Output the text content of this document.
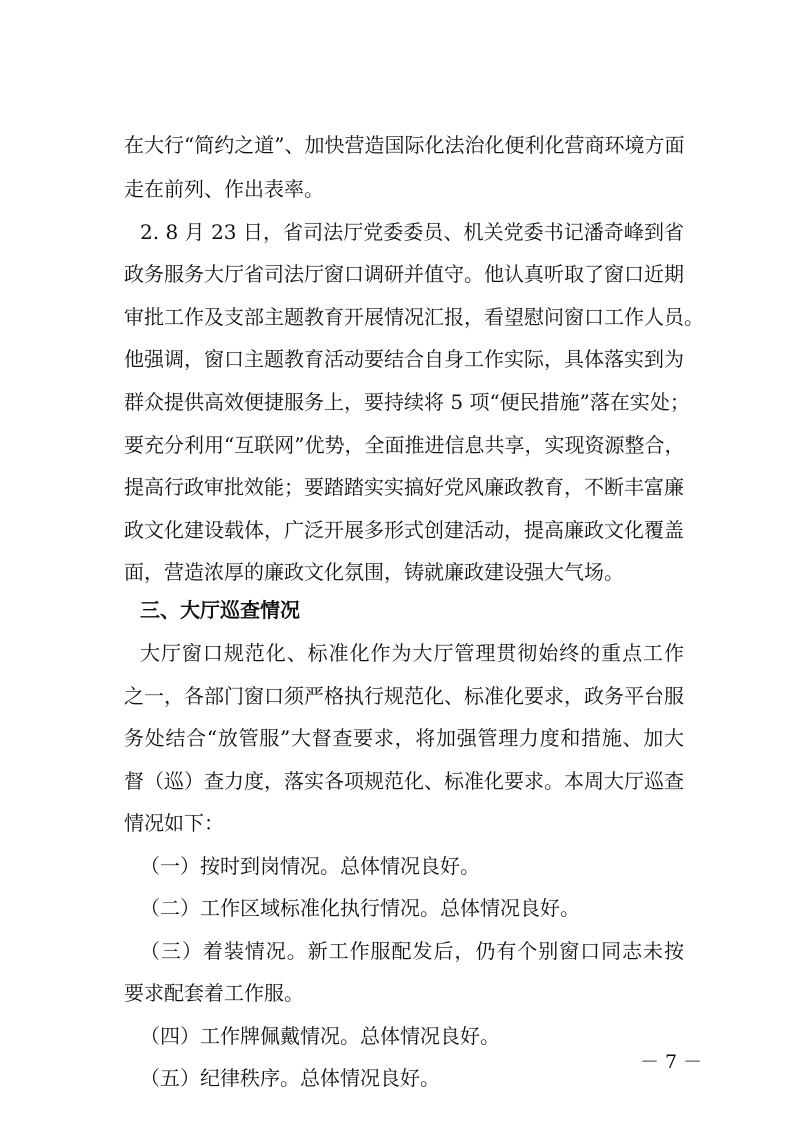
在大行“简约之道”、加快营造国际化法治化便利化营商环境方面
走在前列、作出表率。
2. 8 月 23 日，省司法厅党委委员、机关党委书记潘奇峰到省
政务服务大厅省司法厅窗口调研并值守。他认真听取了窗口近期
审批工作及支部主题教育开展情况汇报，看望慰问窗口工作人员。
他强调，窗口主题教育活动要结合自身工作实际，具体落实到为
群众提供高效便捷服务上，要持续将 5 项“便民措施”落在实处；
要充分利用“互联网”优势，全面推进信息共享，实现资源整合，
提高行政审批效能；要踏踏实实搞好党风廉政教育，不断丰富廉
政文化建设载体，广泛开展多形式创建活动，提高廉政文化覆盖
面，营造浓厚的廉政文化氛围，铸就廉政建设强大气场。
三、大厅巡查情况
大厅窗口规范化、标准化作为大厅管理贯彻始终的重点工作
之一，各部门窗口须严格执行规范化、标准化要求，政务平台服
务处结合“放管服”大督查要求，将加强管理力度和措施、加大
督（巡）查力度，落实各项规范化、标准化要求。本周大厅巡查
情况如下：
（一）按时到岗情况。总体情况良好。
（二）工作区域标准化执行情况。总体情况良好。
（三）着装情况。新工作服配发后，仍有个别窗口同志未按
要求配套着工作服。
（四）工作牌佩戴情况。总体情况良好。
（五）纪律秩序。总体情况良好。
－ 7 －
